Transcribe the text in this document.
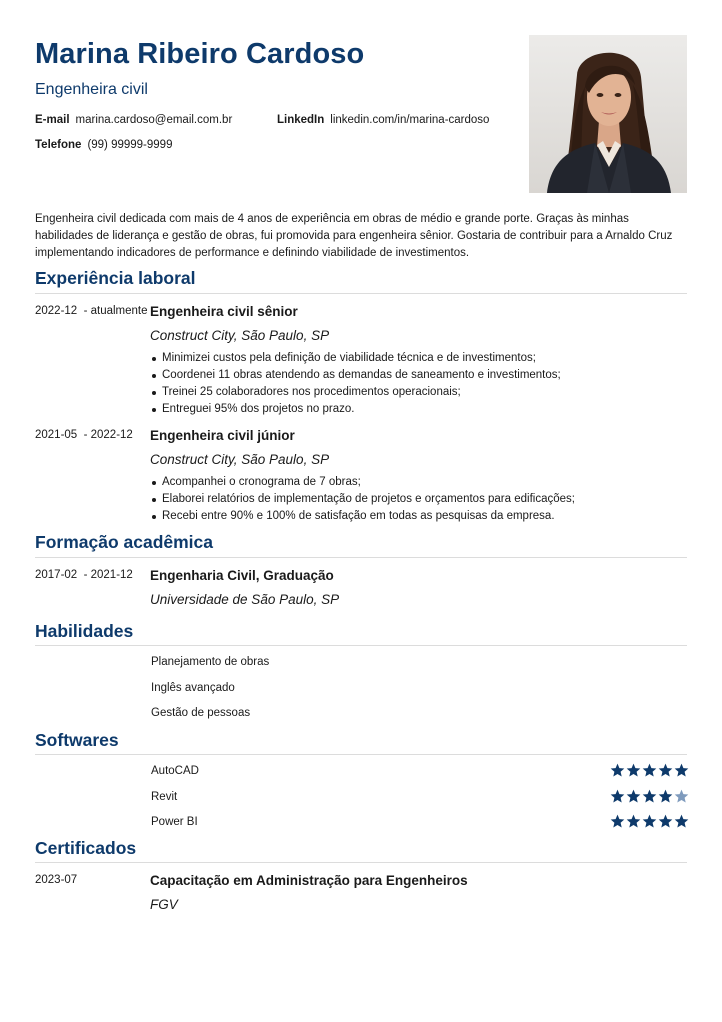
Marina Ribeiro Cardoso
Engenheira civil
E-mail marina.cardoso@email.com.br	LinkedIn linkedin.com/in/marina-cardoso
Telefone (99) 99999-9999

Engenheira civil dedicada com mais de 4 anos de experiência em obras de médio e grande porte. Graças às minhas habilidades de liderança e gestão de obras, fui promovida para engenheira sênior. Gostaria de contribuir para a Arnaldo Cruz implementando indicadores de performance e definindo viabilidade de investimentos.

Experiência laboral
2022-12  - atualmente Engenheira civil sênior
Construct City, São Paulo, SP
Minimizei custos pela definição de viabilidade técnica e de investimentos;
Coordenei 11 obras atendendo as demandas de saneamento e investimentos;
Treinei 25 colaboradores nos procedimentos operacionais;
Entreguei 95% dos projetos no prazo.
2021-05  - 2022-12 Engenheira civil júnior
Construct City, São Paulo, SP
Acompanhei o cronograma de 7 obras;
Elaborei relatórios de implementação de projetos e orçamentos para edificações;
Recebi entre 90% e 100% de satisfação em todas as pesquisas da empresa.
Formação acadêmica
2017-02  - 2021-12 Engenharia Civil, Graduação
Universidade de São Paulo, SP
Habilidades
Planejamento de obras
Inglês avançado
Gestão de pessoas
Softwares
AutoCAD
Revit
Power BI
Certificados
2023-07	Capacitação em Administração para Engenheiros
FGV
